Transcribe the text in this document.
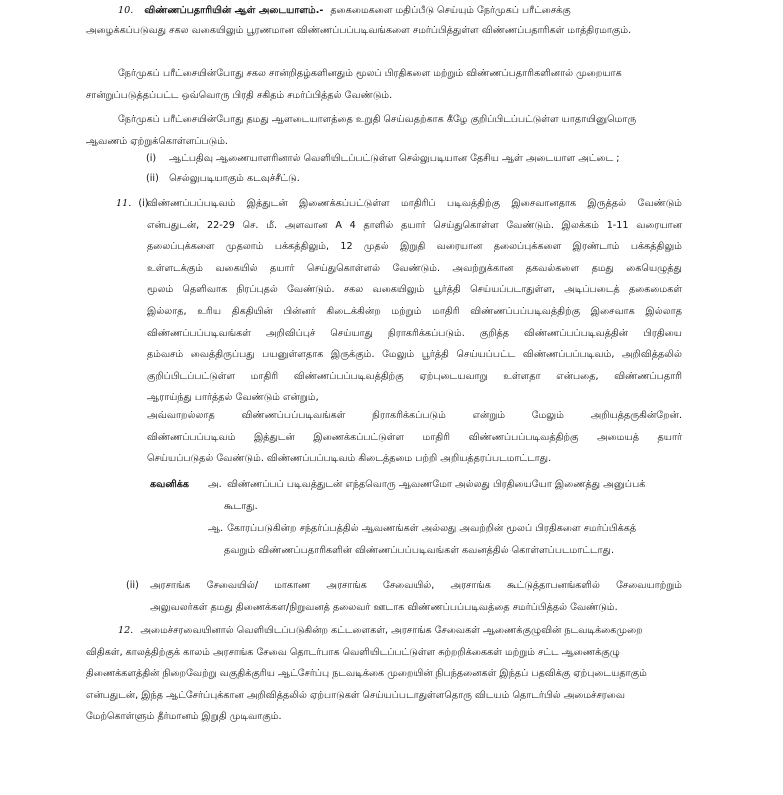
10. விண்ணப்பதாரியின் ஆள் அடையாளம்.- தகைமைகளை மதிப்பீடு செய்யும் நேர்முகப் பரீட்சைக்கு
அழைக்கப்படுவது சகல வகையிலும் பூரணமான விண்ணப்பப்படிவங்களை சமர்ப்பித்துள்ள விண்ணப்பதாரிகள் மாத்திரமாகும்.
நேர்முகப் பரீட்சையின்போது சகல சான்றிதழ்களினதும் மூலப் பிரதிகளை மற்றும் விண்ணப்பதாரிகளினால் முறையாக
சான்றுப்படுத்தப்பட்ட ஒவ்வொரு பிரதி சகிதம் சமர்ப்பித்தல் வேண்டும்.
நேர்முகப் பரீட்சையின்போது தமது ஆளடையாளத்தை உறுதி செய்வதற்காக கீழே குறிப்பிடப்பட்டுள்ள யாதாயினுமொரு
ஆவணம் ஏற்றுக்கொள்ளப்படும்.
(i) ஆட்பதிவு ஆணையாளரினால் வெளியிடப்பட்டுள்ள செல்லுபடியான தேசிய ஆள் அடையாள அட்டை ;
(ii) செல்லுபடியாகும் கடவுச்சீட்டு.
11. (i)
விண்ணப்பப்படிவம் இத்துடன் இணைக்கப்பட்டுள்ள மாதிரிப் படிவத்திற்கு இசைவானதாக இருத்தல் வேண்டும்
என்பதுடன், 22-29 செ. மீ. அளவான A 4 தாளில் தயார் செய்துகொள்ள வேண்டும். இலக்கம் 1-11 வரையான
தலைப்புக்களை முதலாம் பக்கத்திலும், 12 முதல் இறுதி வரையான தலைப்புக்களை இரண்டாம் பக்கத்திலும்
உள்ளடக்கும் வகையில் தயார் செய்துகொள்ளல் வேண்டும். அவற்றுக்கான தகவல்களை தமது கையெழுத்து
மூலம் தெளிவாக நிரப்புதல் வேண்டும். சகல வகையிலும் பூர்த்தி செய்யப்படாதுள்ள, அடிப்படைத் தகைமைகள்
இல்லாத, உரிய திகதியின் பின்னர் கிடைக்கின்ற மற்றும் மாதிரி விண்ணப்பப்படிவத்திற்கு இசைவாக இல்லாத
விண்ணப்பப்படிவங்கள் அறிவிப்புச் செய்யாது நிராகரிக்கப்படும். குறித்த விண்ணப்பப்படிவத்தின் பிரதியை
தம்வசம் வைத்திருப்பது பயனுள்ளதாக இருக்கும். மேலும் பூர்த்தி செய்யப்பட்ட விண்ணப்பப்படிவம், அறிவித்தலில்
குறிப்பிடப்பட்டுள்ள மாதிரி விண்ணப்பப்படிவத்திற்கு ஏற்புடையவாறு உள்ளதா என்பதை, விண்ணப்பதாரி
ஆராய்ந்து பார்த்தல் வேண்டும் என்றும்,
அவ்வாறல்லாத விண்ணப்பப்படிவங்கள் நிராகரிக்கப்படும் என்றும் மேலும் அறியத்தருகின்றேன்.
விண்ணப்பப்படிவம் இத்துடன் இணைக்கப்பட்டுள்ள மாதிரி விண்ணப்பப்படிவத்திற்கு அமையத் தயார்
செய்யப்படுதல் வேண்டும். விண்ணப்பப்படிவம் கிடைத்தமை பற்றி அறியத்தரப்படமாட்டாது.
கவனிக்க அ. விண்ணப்பப் படிவத்துடன் எந்தவொரு ஆவணமோ அல்லது பிரதியையோ இணைத்து அனுப்பக்
கூடாது.
ஆ. கோரப்படுகின்ற சந்தர்ப்பத்தில் ஆவணங்கள் அல்லது அவற்றின் மூலப் பிரதிகளை சமர்ப்பிக்கத்
தவறும் விண்ணப்பதாரிகளின் விண்ணப்பப்படிவங்கள் கவனத்தில் கொள்ளப்படமாட்டாது.
(ii) அரசாங்க சேவையில்/ மாகாண அரசாங்க சேவையில், அரசாங்க கூட்டுத்தாபனங்களில் சேவையாற்றும்
அலுவலர்கள் தமது திணைக்கள/நிறுவனத் தலைவர் ஊடாக விண்ணப்பப்படிவத்தை சமர்ப்பித்தல் வேண்டும்.
12. அமைச்சரவையினால் வெளியிடப்படுகின்ற கட்டளைகள், அரசாங்க சேவைகள் ஆணைக்குழுவின் நடவடிக்கைமுறை
விதிகள், காலத்திற்குக் காலம் அரசாங்க சேவை தொடர்பாக வெளியிடப்பட்டுள்ள சுற்றறிக்கைகள் மற்றும் சட்ட ஆணைக்குழு
திணைக்களத்தின் நிறைவேற்று வகுதிக்குரிய ஆட்சேர்ப்பு நடவடிக்கை முறையின் நிபந்தனைகள் இந்தப் பதவிக்கு ஏற்புடையதாகும்
என்பதுடன், இந்த ஆட்சேர்ப்புக்கான அறிவித்தலில் ஏற்பாடுகள் செய்யப்படாதுள்ளதொரு விடயம் தொடர்பில் அமைச்சரவை
மேற்கொள்ளும் தீர்மானம் இறுதி முடிவாகும்.
